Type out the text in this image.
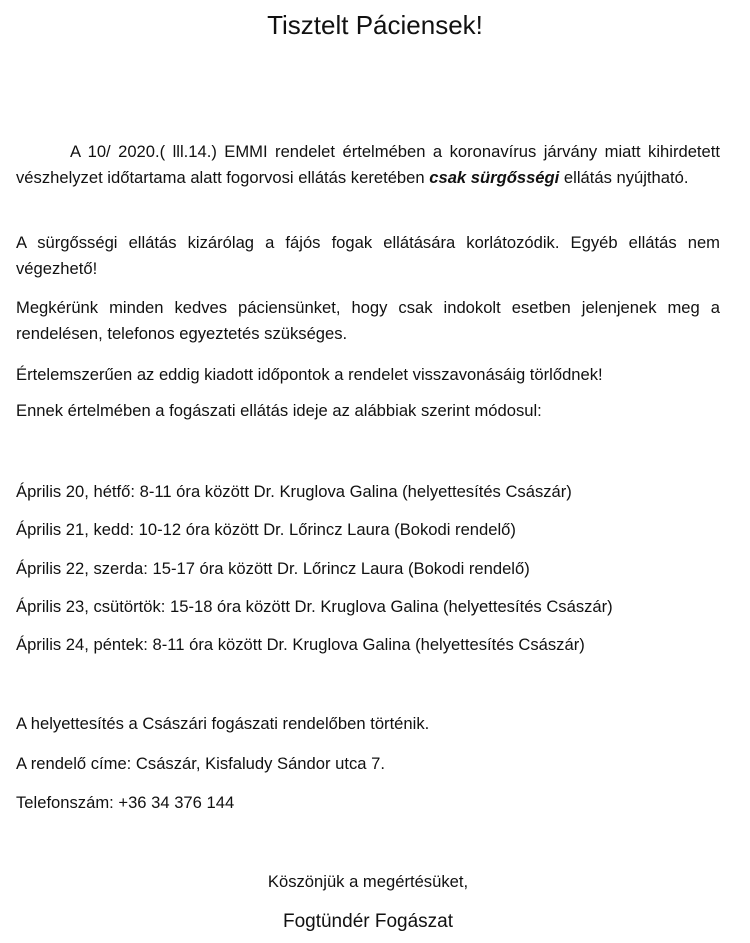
Tisztelt Páciensek!
A 10/ 2020.( lll.14.) EMMI rendelet értelmében a koronavírus járvány miatt kihirdetett vészhelyzet időtartama alatt fogorvosi ellátás keretében csak sürgősségi ellátás nyújtható.
A sürgősségi ellátás kizárólag a fájós fogak ellátására korlátozódik. Egyéb ellátás nem végezhető!
Megkérünk minden kedves páciensünket, hogy csak indokolt esetben jelenjenek meg a rendelésen, telefonos egyeztetés szükséges.
Értelemszerűen az eddig kiadott időpontok a rendelet visszavonásáig törlődnek!
Ennek értelmében a fogászati ellátás ideje az alábbiak szerint módosul:
Április 20, hétfő: 8-11 óra között Dr. Kruglova Galina (helyettesítés Császár)
Április 21, kedd: 10-12 óra között Dr. Lőrincz Laura (Bokodi rendelő)
Április 22, szerda: 15-17 óra között Dr. Lőrincz Laura (Bokodi rendelő)
Április 23, csütörtök: 15-18 óra között Dr. Kruglova Galina (helyettesítés Császár)
Április 24, péntek: 8-11 óra között Dr. Kruglova Galina (helyettesítés Császár)
A helyettesítés a Császári fogászati rendelőben történik.
A rendelő címe: Császár, Kisfaludy Sándor utca 7.
Telefonszám: +36 34 376 144
Köszönjük a megértésüket,
Fogtündér Fogászat
